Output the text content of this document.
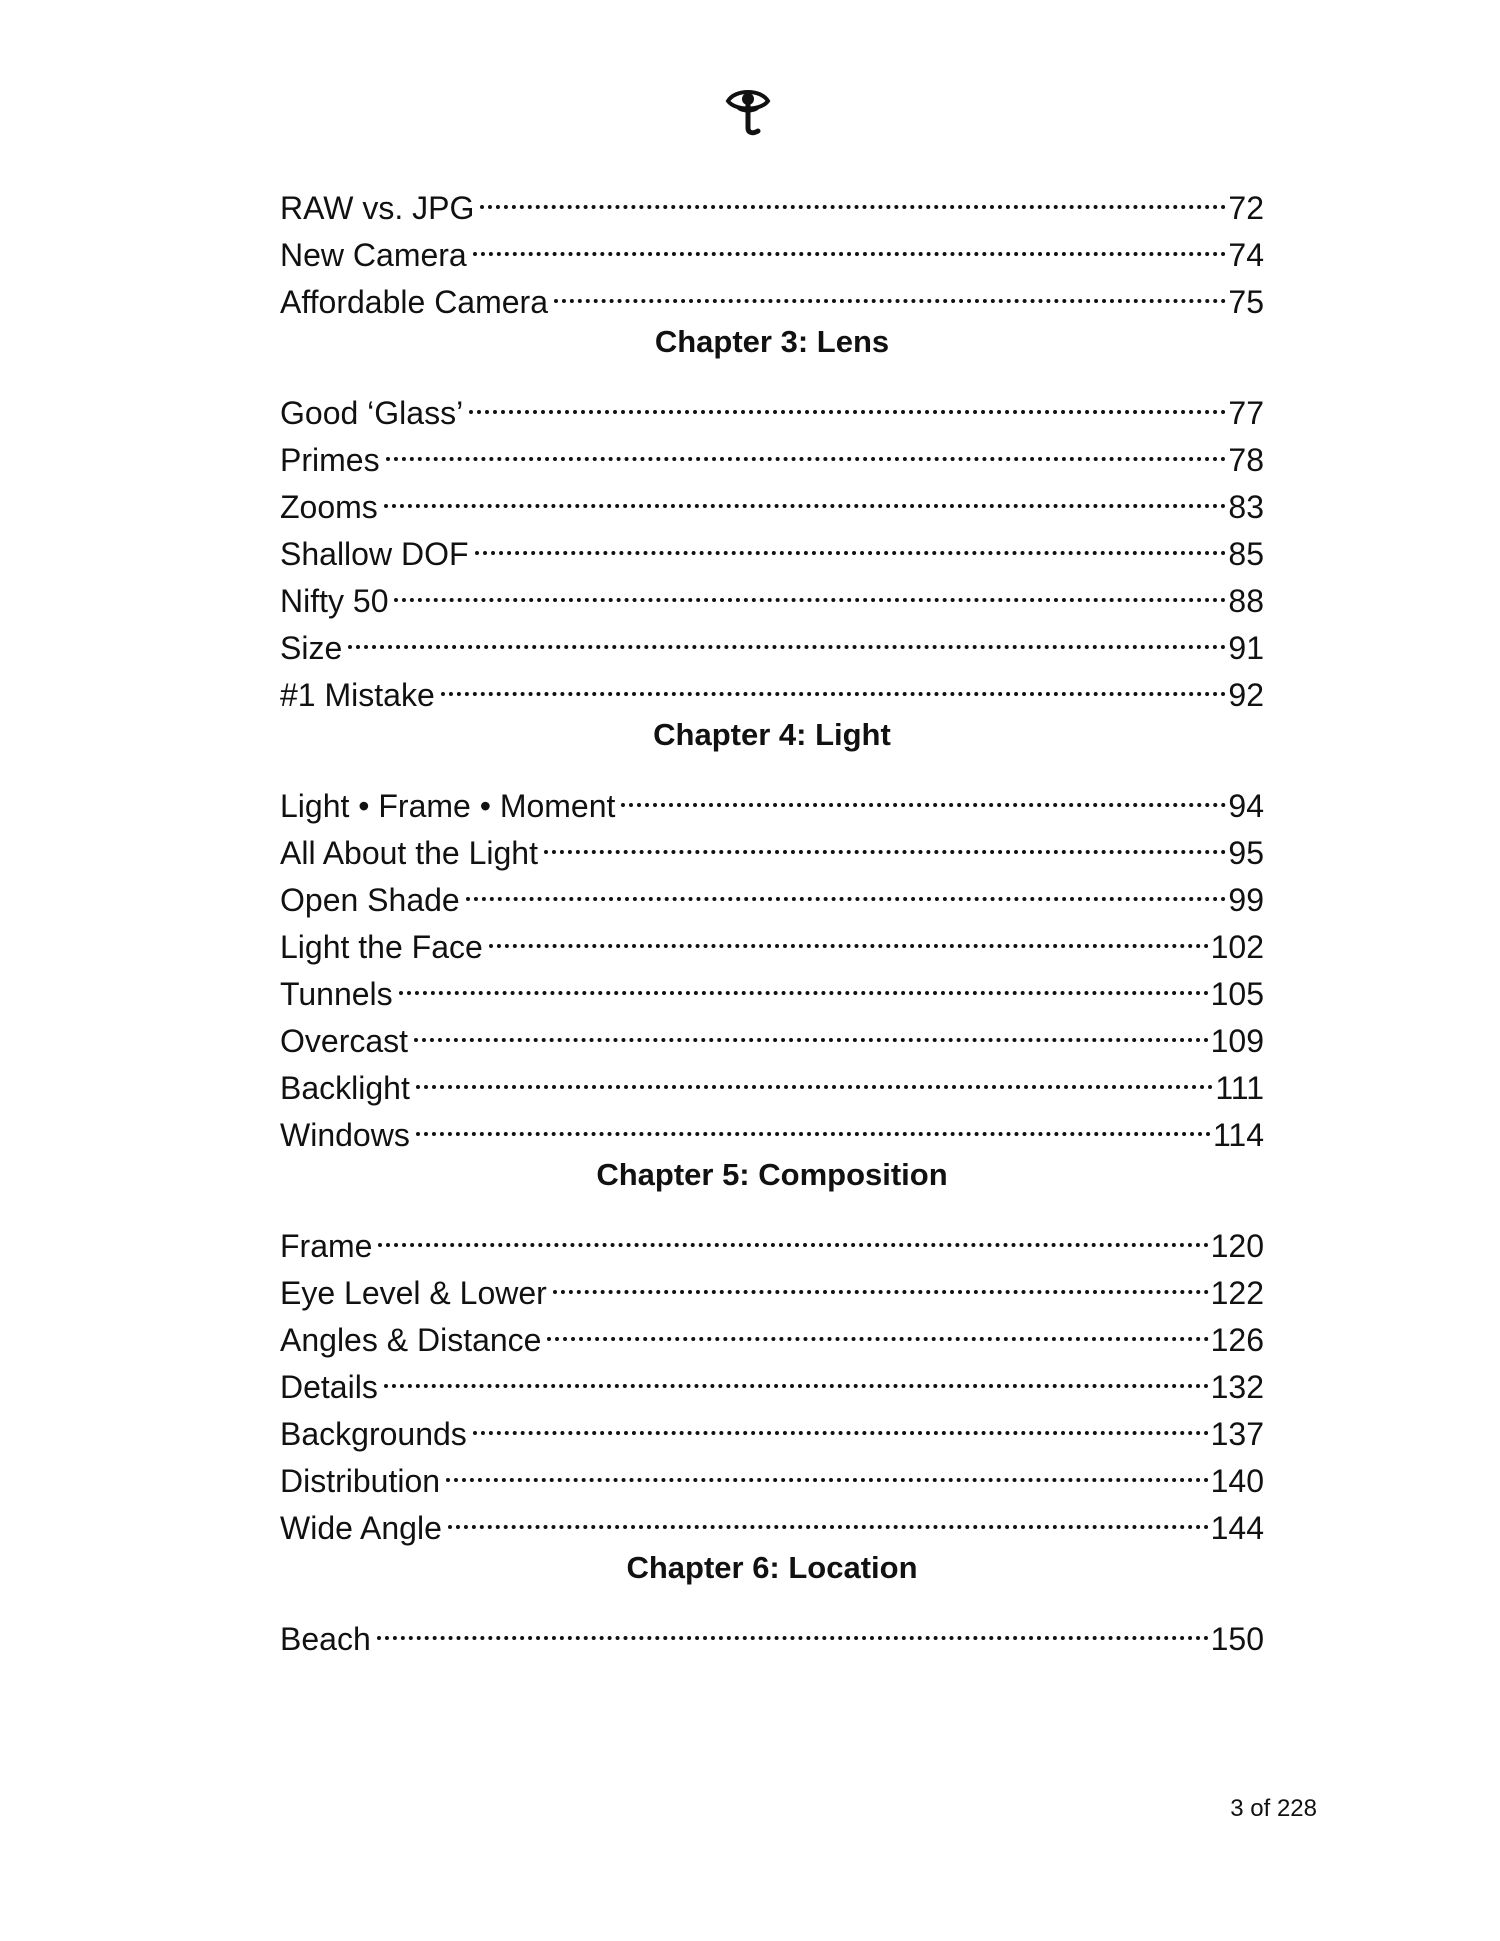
RAW vs. JPG	72
New Camera	74
Affordable Camera	75
Chapter 3: Lens
Good ‘Glass’	77
Primes	78
Zooms	83
Shallow DOF	85
Nifty 50	88
Size	91
#1 Mistake	92
Chapter 4: Light
Light • Frame • Moment	94
All About the Light	95
Open Shade	99
Light the Face	102
Tunnels	105
Overcast	109
Backlight	111
Windows	114
Chapter 5: Composition
Frame	120
Eye Level & Lower	122
Angles & Distance	126
Details	132
Backgrounds	137
Distribution	140
Wide Angle	144
Chapter 6: Location
Beach	150
3 of 228
